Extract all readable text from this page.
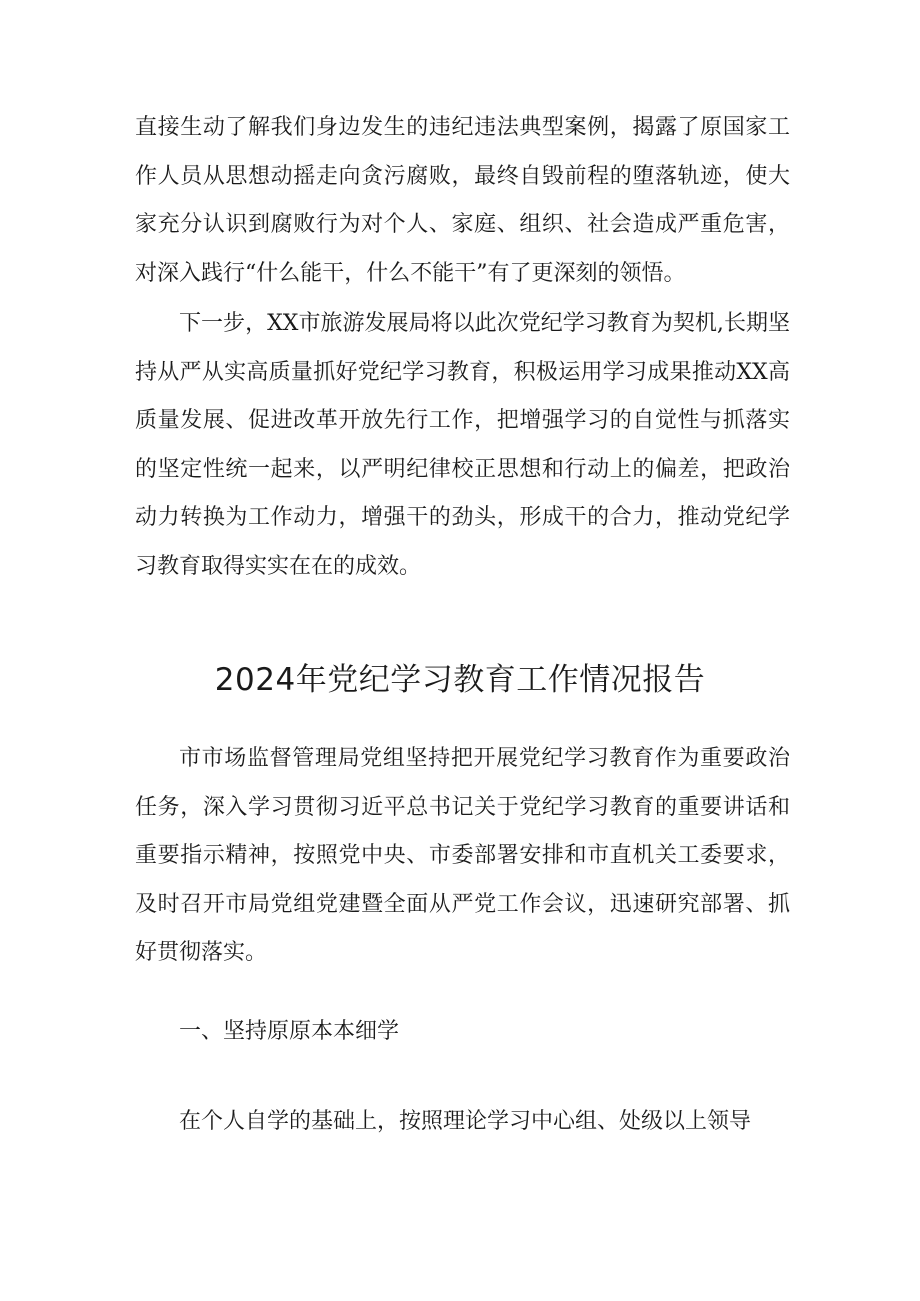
直接生动了解我们身边发生的违纪违法典型案例，揭露了原国家工作人员从思想动摇走向贪污腐败，最终自毁前程的堕落轨迹，使大家充分认识到腐败行为对个人、家庭、组织、社会造成严重危害，对深入践行“什么能干，什么不能干”有了更深刻的领悟。

下一步，XX市旅游发展局将以此次党纪学习教育为契机,长期坚持从严从实高质量抓好党纪学习教育，积极运用学习成果推动XX高质量发展、促进改革开放先行工作，把增强学习的自觉性与抓落实的坚定性统一起来，以严明纪律校正思想和行动上的偏差，把政治动力转换为工作动力，增强干的劲头，形成干的合力，推动党纪学习教育取得实实在在的成效。

2024年党纪学习教育工作情况报告

市市场监督管理局党组坚持把开展党纪学习教育作为重要政治任务，深入学习贯彻习近平总书记关于党纪学习教育的重要讲话和重要指示精神，按照党中央、市委部署安排和市直机关工委要求，及时召开市局党组党建暨全面从严党工作会议，迅速研究部署、抓好贯彻落实。

一、坚持原原本本细学

在个人自学的基础上，按照理论学习中心组、处级以上领导
